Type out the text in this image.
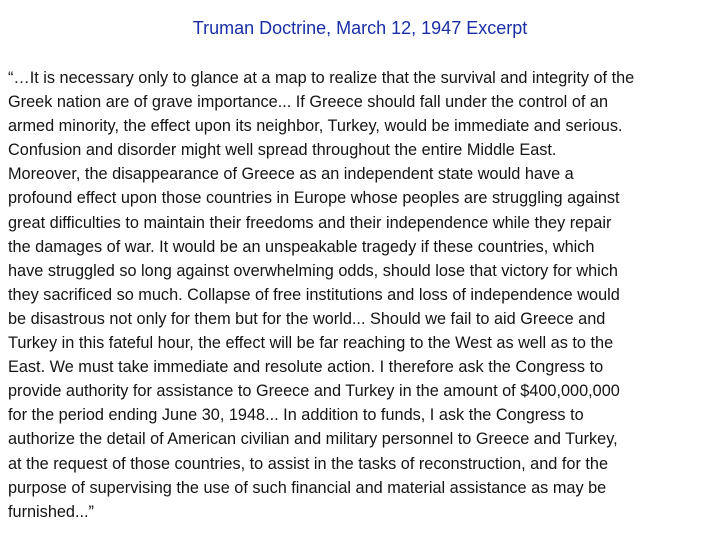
Truman Doctrine, March 12, 1947 Excerpt

“…It is necessary only to glance at a map to realize that the survival and integrity of the
Greek nation are of grave importance... If Greece should fall under the control of an
armed minority, the effect upon its neighbor, Turkey, would be immediate and serious.
Confusion and disorder might well spread throughout the entire Middle East.
Moreover, the disappearance of Greece as an independent state would have a
profound effect upon those countries in Europe whose peoples are struggling against
great difficulties to maintain their freedoms and their independence while they repair
the damages of war. It would be an unspeakable tragedy if these countries, which
have struggled so long against overwhelming odds, should lose that victory for which
they sacrificed so much. Collapse of free institutions and loss of independence would
be disastrous not only for them but for the world... Should we fail to aid Greece and
Turkey in this fateful hour, the effect will be far reaching to the West as well as to the
East. We must take immediate and resolute action. I therefore ask the Congress to
provide authority for assistance to Greece and Turkey in the amount of $400,000,000
for the period ending June 30, 1948... In addition to funds, I ask the Congress to
authorize the detail of American civilian and military personnel to Greece and Turkey,
at the request of those countries, to assist in the tasks of reconstruction, and for the
purpose of supervising the use of such financial and material assistance as may be
furnished...”
